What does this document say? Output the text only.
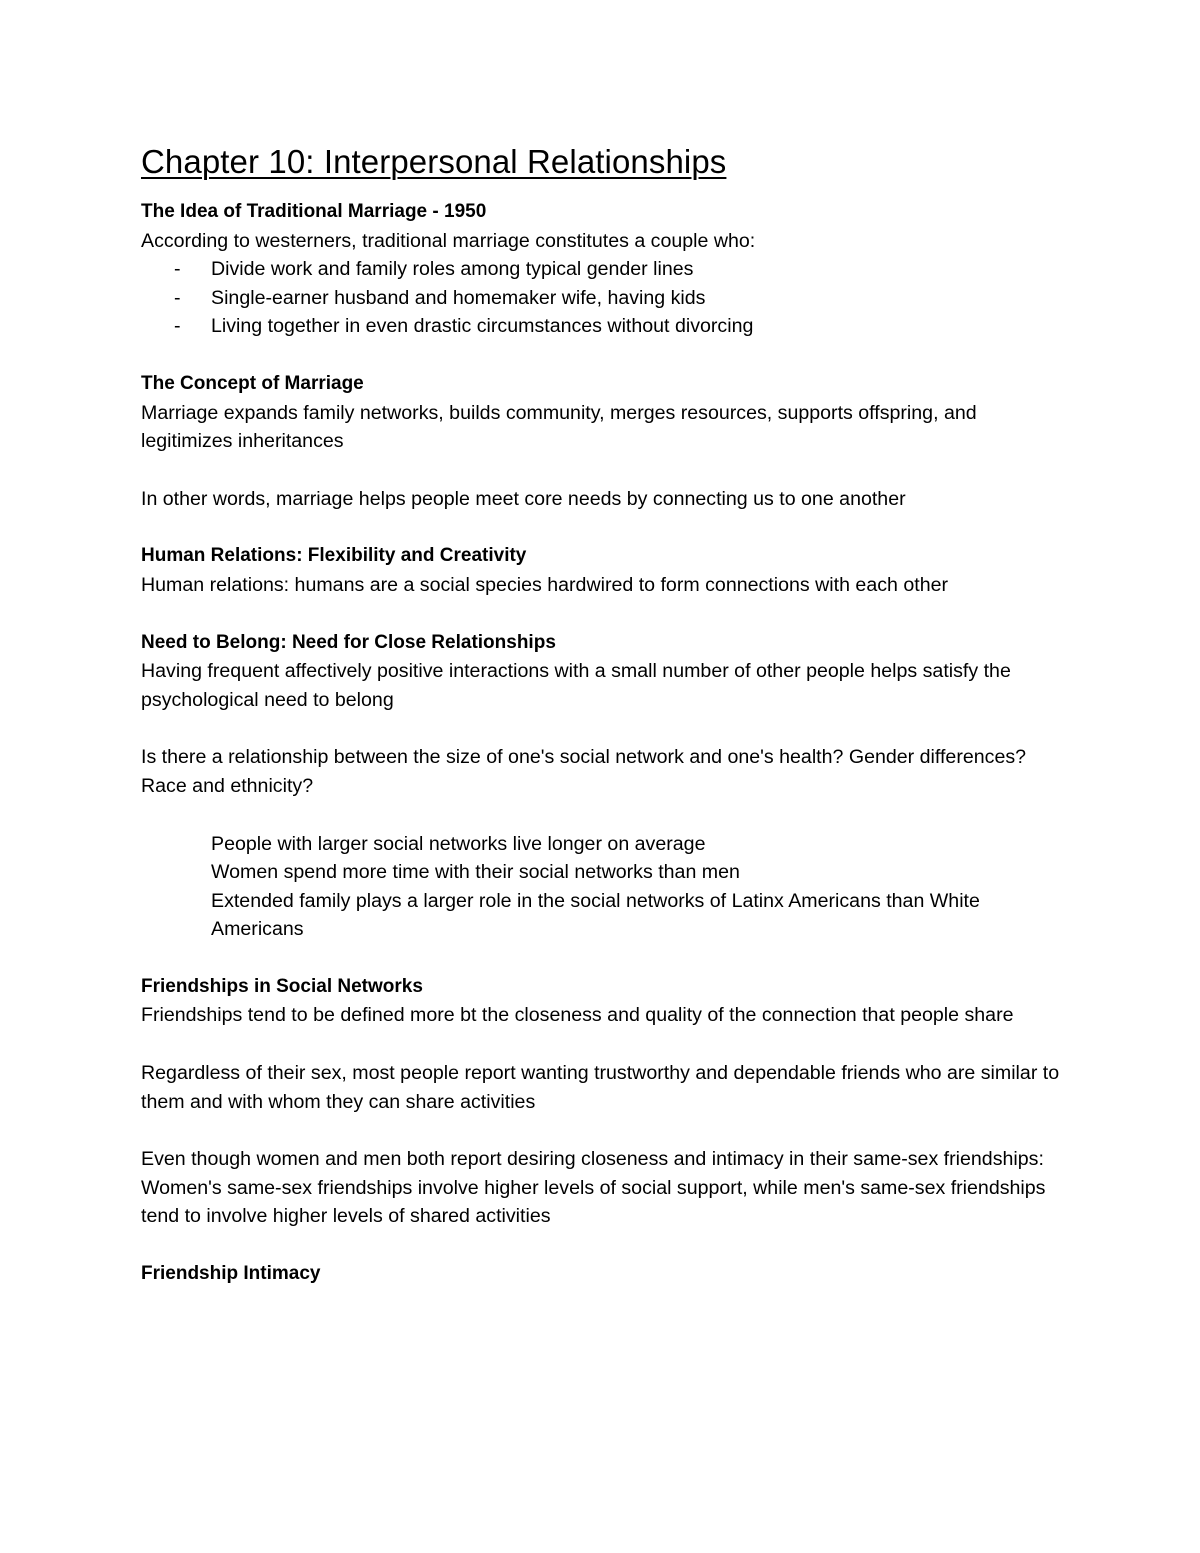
Chapter 10: Interpersonal Relationships

The Idea of Traditional Marriage - 1950

According to westerners, traditional marriage constitutes a couple who:

- Divide work and family roles among typical gender lines
- Single-earner husband and homemaker wife, having kids
- Living together in even drastic circumstances without divorcing

The Concept of Marriage

Marriage expands family networks, builds community, merges resources, supports offspring, and legitimizes inheritances

In other words, marriage helps people meet core needs by connecting us to one another

Human Relations: Flexibility and Creativity

Human relations: humans are a social species hardwired to form connections with each other

Need to Belong: Need for Close Relationships

Having frequent affectively positive interactions with a small number of other people helps satisfy the psychological need to belong

Is there a relationship between the size of one's social network and one's health? Gender differences? Race and ethnicity?

People with larger social networks live longer on average

Women spend more time with their social networks than men

Extended family plays a larger role in the social networks of Latinx Americans than White Americans

Friendships in Social Networks

Friendships tend to be defined more bt the closeness and quality of the connection that people share

Regardless of their sex, most people report wanting trustworthy and dependable friends who are similar to them and with whom they can share activities

Even though women and men both report desiring closeness and intimacy in their same-sex friendships: Women's same-sex friendships involve higher levels of social support, while men's same-sex friendships tend to involve higher levels of shared activities

Friendship Intimacy
